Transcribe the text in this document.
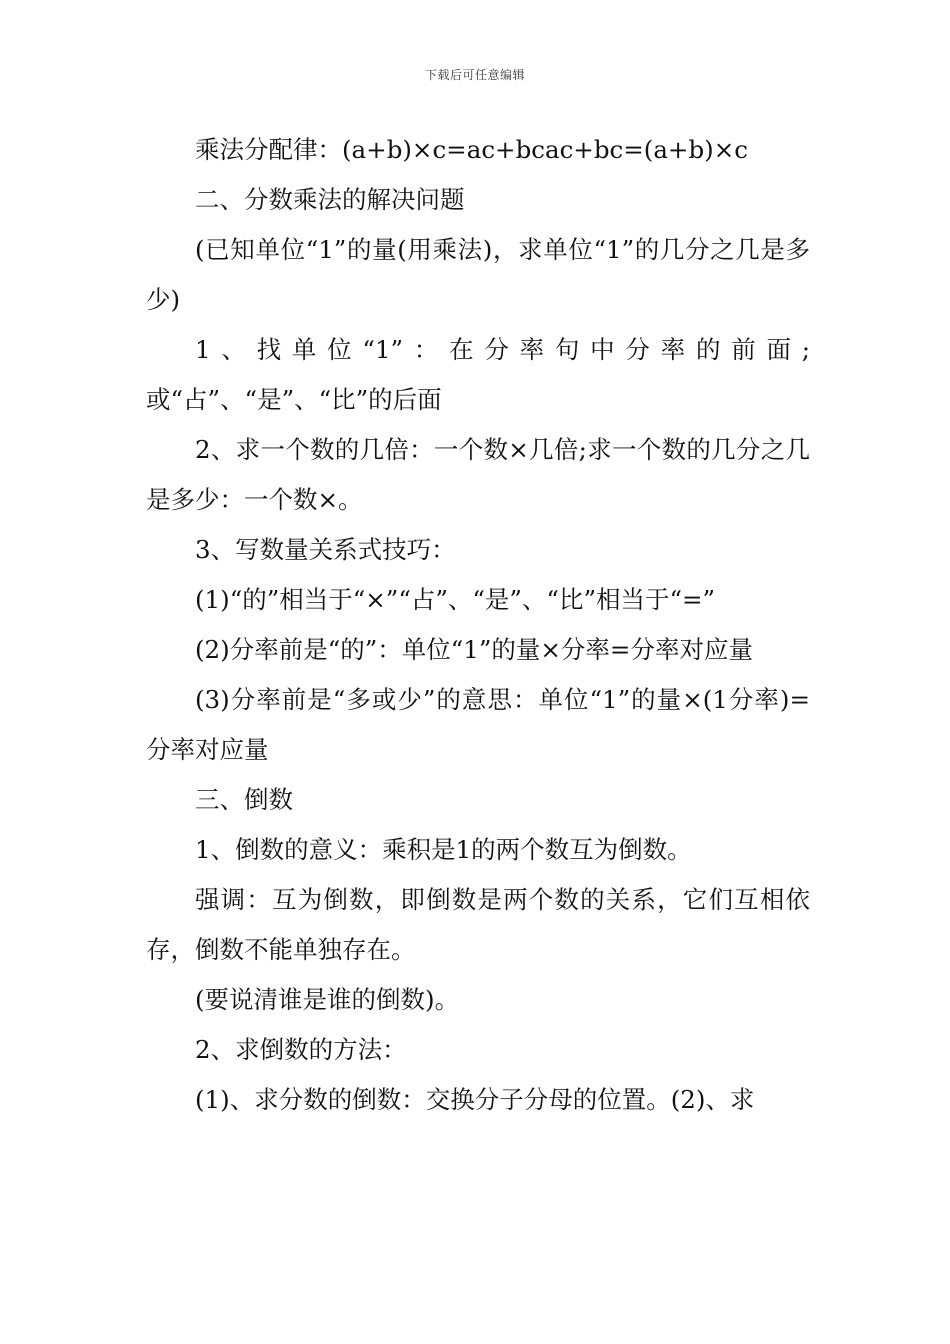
下载后可任意编辑

乘法分配律：(a+b)×c=ac+bcac+bc=(a+b)×c

二、分数乘法的解决问题

(已知单位“1”的量(用乘法)，求单位“1”的几分之几是多少)

1、找单位“1”：在分率句中分率的前面;或“占”、“是”、“比”的后面

2、求一个数的几倍：一个数×几倍;求一个数的几分之几是多少：一个数×。

3、写数量关系式技巧：

(1)“的”相当于“×”“占”、“是”、“比”相当于“=”

(2)分率前是“的”：单位“1”的量×分率=分率对应量

(3)分率前是“多或少”的意思：单位“1”的量×(1分率)=分率对应量

三、倒数

1、倒数的意义：乘积是1的两个数互为倒数。

强调：互为倒数，即倒数是两个数的关系，它们互相依存，倒数不能单独存在。

(要说清谁是谁的倒数)。

2、求倒数的方法：

(1)、求分数的倒数：交换分子分母的位置。(2)、求
